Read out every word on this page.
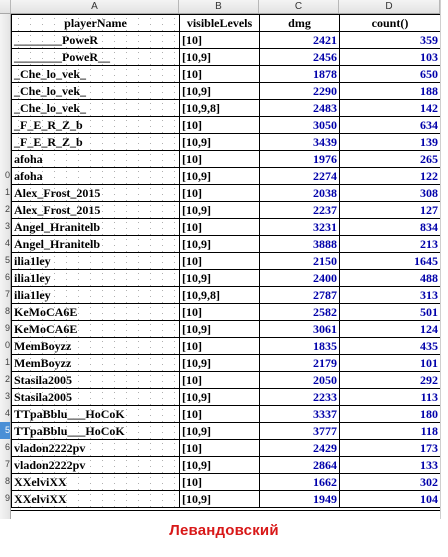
A	B	C	D
0
1
2
3
4
5
6
7
8
9
0
1
2
3
4
5
6
7
8
9
playerName	visibleLevels	dmg	count()
________PoweR	[10]	2421	359
________PoweR__	[10,9]	2456	103
_Che_lo_vek_	[10]	1878	650
_Che_lo_vek_	[10,9]	2290	188
_Che_lo_vek_	[10,9,8]	2483	142
_F_E_R_Z_b	[10]	3050	634
_F_E_R_Z_b	[10,9]	3439	139
afoha	[10]	1976	265
afoha	[10,9]	2274	122
Alex_Frost_2015	[10]	2038	308
Alex_Frost_2015	[10,9]	2237	127
Angel_Hranitelb	[10]	3231	834
Angel_Hranitelb	[10,9]	3888	213
ilia1ley	[10]	2150	1645
ilia1ley	[10,9]	2400	488
ilia1ley	[10,9,8]	2787	313
KeMoCA6E	[10]	2582	501
KeMoCA6E	[10,9]	3061	124
MemBoyzz	[10]	1835	435
MemBoyzz	[10,9]	2179	101
Stasila2005	[10]	2050	292
Stasila2005	[10,9]	2233	113
TTpaBblu___HoCoK	[10]	3337	180
TTpaBblu___HoCoK	[10,9]	3777	118
vladon2222pv	[10]	2429	173
vladon2222pv	[10,9]	2864	133
XXelviXX	[10]	1662	302
XXelviXX	[10,9]	1949	104
Левандовский
